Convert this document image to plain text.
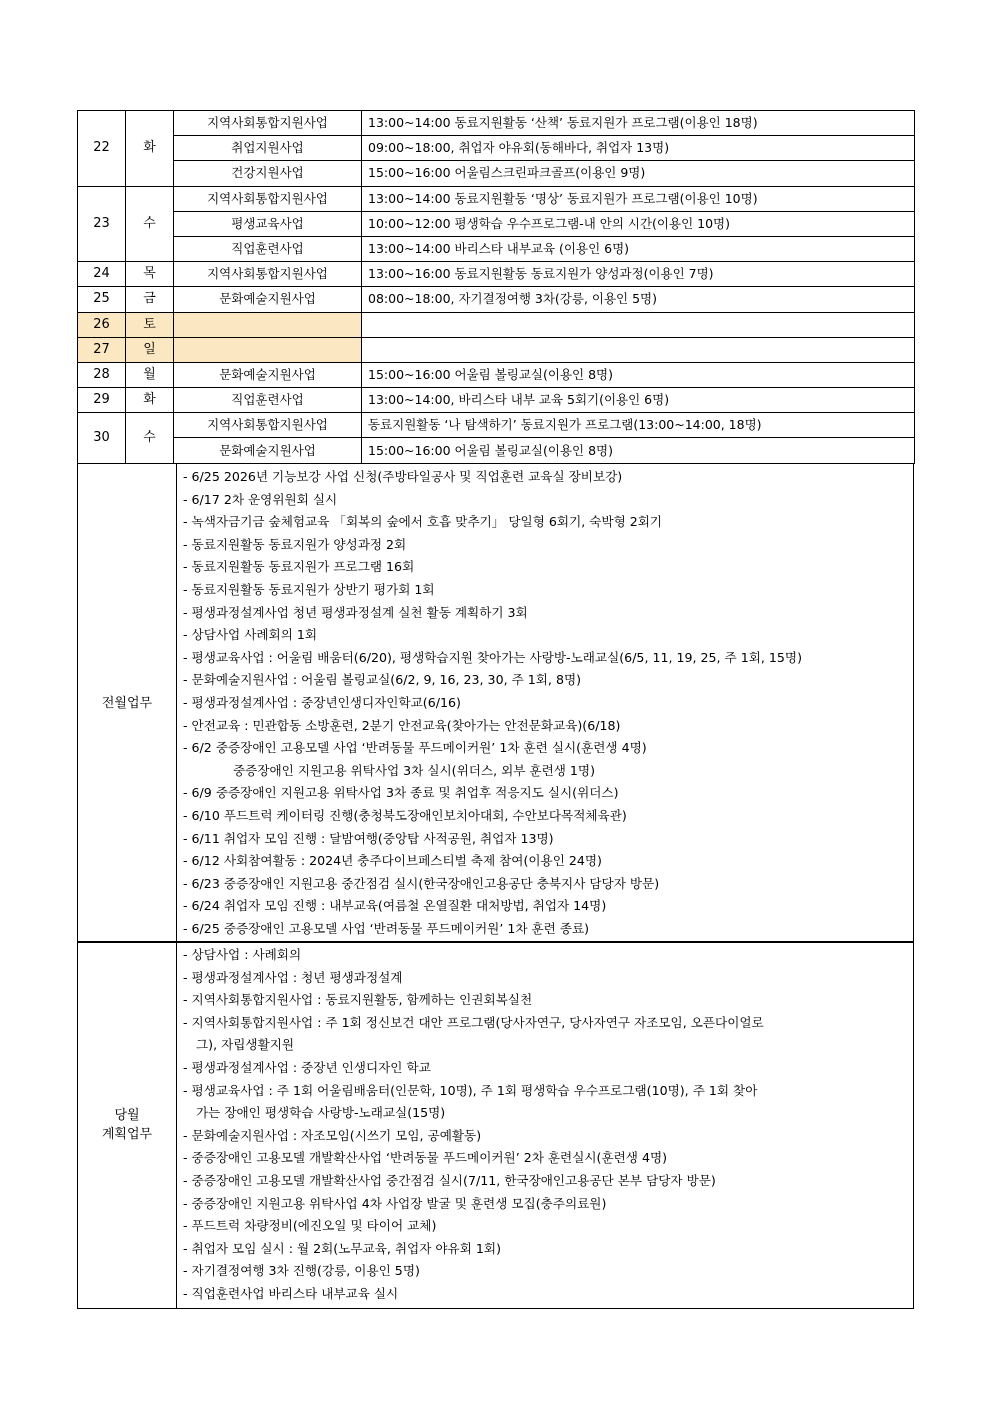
22	화	지역사회통합지원사업	13:00~14:00 동료지원활동 ‘산책’ 동료지원가 프로그램(이용인 18명)
		취업지원사업	09:00~18:00, 취업자 야유회(동해바다, 취업자 13명)
		건강지원사업	15:00~16:00 어울림스크린파크골프(이용인 9명)
23	수	지역사회통합지원사업	13:00~14:00 동료지원활동 ‘명상’ 동료지원가 프로그램(이용인 10명)
		평생교육사업	10:00~12:00 평생학습 우수프로그램-내 안의 시간(이용인 10명)
		직업훈련사업	13:00~14:00 바리스타 내부교육 (이용인 6명)
24	목	지역사회통합지원사업	13:00~16:00 동료지원활동 동료지원가 양성과정(이용인 7명)
25	금	문화예술지원사업	08:00~18:00, 자기결정여행 3차(강릉, 이용인 5명)
26	토		
27	일		
28	월	문화예술지원사업	15:00~16:00 어울림 볼링교실(이용인 8명)
29	화	직업훈련사업	13:00~14:00, 바리스타 내부 교육 5회기(이용인 6명)
30	수	지역사회통합지원사업	동료지원활동 ‘나 탐색하기’ 동료지원가 프로그램(13:00~14:00, 18명)
		문화예술지원사업	15:00~16:00 어울림 볼링교실(이용인 8명)
전월업무	
- 6/25 2026년 기능보강 사업 신청(주방타일공사 및 직업훈련 교육실 장비보강)
- 6/17 2차 운영위원회 실시
- 녹색자금기금 숲체험교육 「회복의 숲에서 호흡 맞추기」 당일형 6회기, 숙박형 2회기
- 동료지원활동 동료지원가 양성과정 2회
- 동료지원활동 동료지원가 프로그램 16회
- 동료지원활동 동료지원가 상반기 평가회 1회
- 평생과정설계사업 청년 평생과정설계 실천 활동 계획하기 3회
- 상담사업 사례회의 1회
- 평생교육사업 : 어울림 배움터(6/20), 평생학습지원 찾아가는 사랑방-노래교실(6/5, 11, 19, 25, 주 1회, 15명)
- 문화예술지원사업 : 어울림 볼링교실(6/2, 9, 16, 23, 30, 주 1회, 8명)
- 평생과정설계사업 : 중장년인생디자인학교(6/16)
- 안전교육 : 민관합동 소방훈련, 2분기 안전교육(찾아가는 안전문화교육)(6/18)
- 6/2 중증장애인 고용모델 사업 ‘반려동물 푸드메이커원’ 1차 훈련 실시(훈련생 4명)
중증장애인 지원고용 위탁사업 3차 실시(위더스, 외부 훈련생 1명)
- 6/9 중증장애인 지원고용 위탁사업 3차 종료 및 취업후 적응지도 실시(위더스)
- 6/10 푸드트럭 케이터링 진행(충청북도장애인보치아대회, 수안보다목적체육관)
- 6/11 취업자 모임 진행 : 달밤여행(중앙탑 사적공원, 취업자 13명)
- 6/12 사회참여활동 : 2024년 충주다이브페스티벌 축제 참여(이용인 24명)
- 6/23 중증장애인 지원고용 중간점검 실시(한국장애인고용공단 충북지사 담당자 방문)
- 6/24 취업자 모임 진행 : 내부교육(여름철 온열질환 대처방법, 취업자 14명)
- 6/25 중증장애인 고용모델 사업 ‘반려동물 푸드메이커원’ 1차 훈련 종료)
당월
계획업무

- 상담사업 : 사례회의
- 평생과정설계사업 : 청년 평생과정설계
- 지역사회통합지원사업 : 동료지원활동, 함께하는 인권회복실천
- 지역사회통합지원사업 : 주 1회 정신보건 대안 프로그램(당사자연구, 당사자연구 자조모임, 오픈다이얼로
그), 자립생활지원
- 평생과정설계사업 : 중장년 인생디자인 학교
- 평생교육사업 : 주 1회 어울림배움터(인문학, 10명), 주 1회 평생학습 우수프로그램(10명), 주 1회 찾아
가는 장애인 평생학습 사랑방-노래교실(15명)
- 문화예술지원사업 : 자조모임(시쓰기 모임, 공예활동)
- 중증장애인 고용모델 개발확산사업 ‘반려동물 푸드메이커원’ 2차 훈련실시(훈련생 4명)
- 중증장애인 고용모델 개발확산사업 중간점검 실시(7/11, 한국장애인고용공단 본부 담당자 방문)
- 중증장애인 지원고용 위탁사업 4차 사업장 발굴 및 훈련생 모집(충주의료원)
- 푸드트럭 차량정비(에진오일 및 타이어 교체)
- 취업자 모임 실시 : 월 2회(노무교육, 취업자 야유회 1회)
- 자기결정여행 3차 진행(강릉, 이용인 5명)
- 직업훈련사업 바리스타 내부교육 실시
